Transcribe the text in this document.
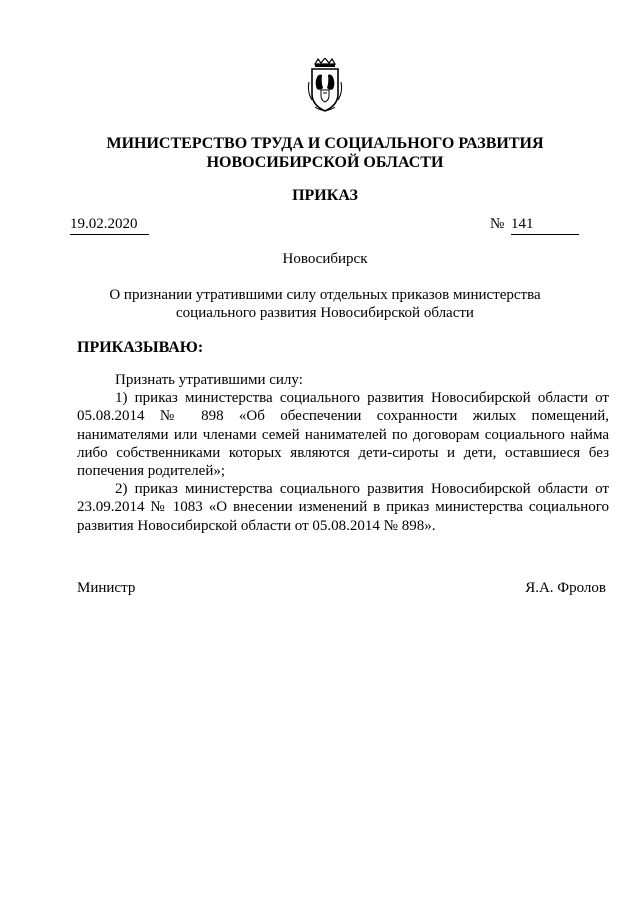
МИНИСТЕРСТВО ТРУДА И СОЦИАЛЬНОГО РАЗВИТИЯ
НОВОСИБИРСКОЙ ОБЛАСТИ
ПРИКАЗ
19.02.2020	№ 141
Новосибирск
О признании утратившими силу отдельных приказов министерства
социального развития Новосибирской области
ПРИКАЗЫВАЮ:

Признать утратившими силу:

1) приказ министерства социального развития Новосибирской области от 05.08.2014 № 898 «Об обеспечении сохранности жилых помещений, нанимателями или членами семей нанимателей по договорам социального найма либо собственниками которых являются дети-сироты и дети, оставшиеся без попечения родителей»;

2) приказ министерства социального развития Новосибирской области от 23.09.2014 № 1083 «О внесении изменений в приказ министерства социального развития Новосибирской области от 05.08.2014 № 898».

Министр	Я.А. Фролов
